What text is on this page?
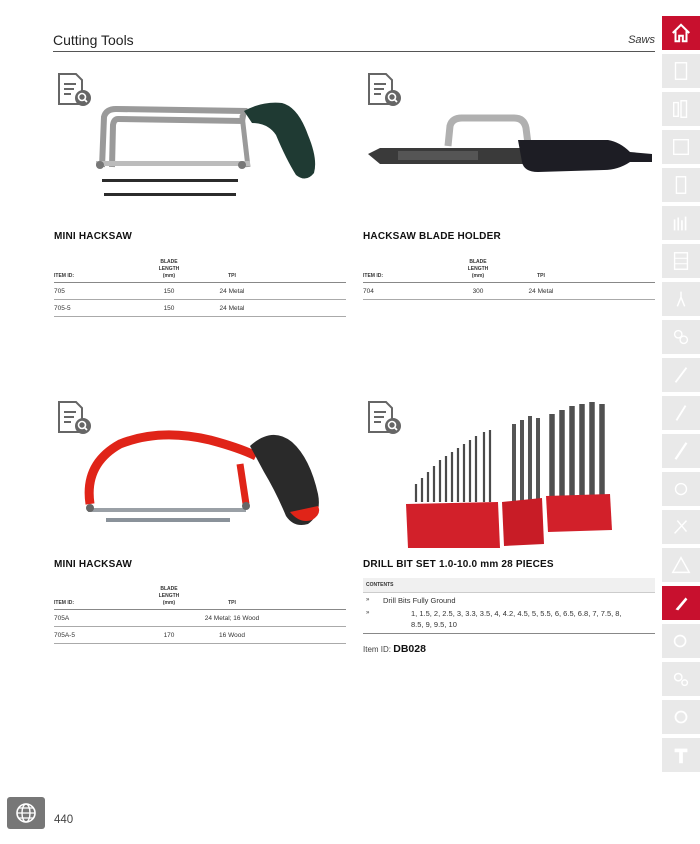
Cutting Tools	Saws
MINI HACKSAW
ITEM ID:	BLADE
LENGTH
(mm)	TPI	
705	150	24 Metal	
705-5	150	24 Metal	
HACKSAW BLADE HOLDER
ITEM ID:	BLADE
LENGTH
(mm)	TPI	
704	300	24 Metal	
MINI HACKSAW
ITEM ID:	BLADE
LENGTH
(mm)	TPI	
705A		24 Metal; 16 Wood	
705A-5	170	16 Wood	
DRILL BIT SET 1.0-10.0 mm 28 PIECES
CONTENTS
»	Drill Bits Fully Ground
»	1, 1.5, 2, 2.5, 3, 3.3, 3.5, 4, 4.2, 4.5, 5, 5.5, 6, 6.5, 6.8, 7, 7.5, 8, 8.5, 9, 9.5, 10
Item ID: DB028
440
